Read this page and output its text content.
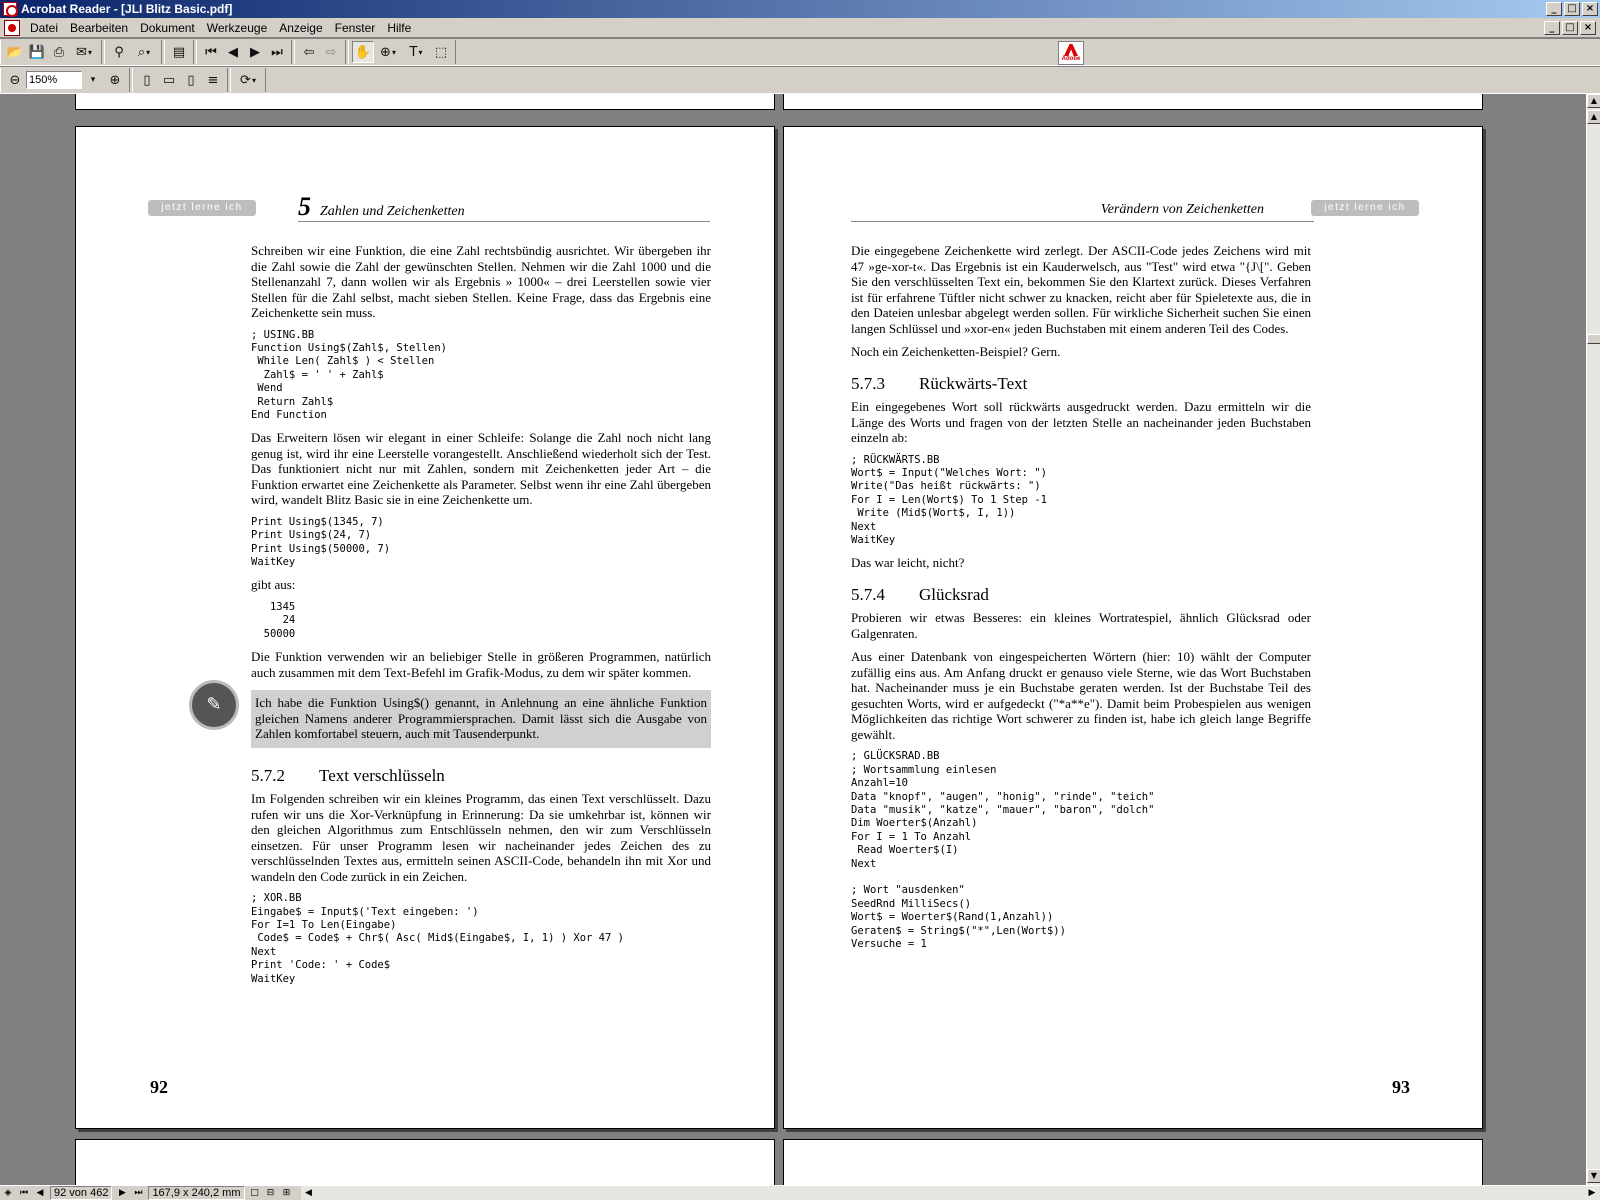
Acrobat Reader - [JLI Blitz Basic.pdf]	_	□ ×
Datei	Bearbeiten	Dokument	Werkzeuge	Anzeige	Fenster	Hilfe	_	□ ×
📂 💾 ⎙ ✉ ▾	⚲	⌕ ▾	▤	⏮ ◀ ▶ ⏭	⇦ ⇨	✋ ⊕ ▾	T ▾	⬚	Adobe
⊖ 150%	▾	⊕	▯ ▭ ▯ ≡	⟳ ▾
jetzt lerne ich	5 Zahlen und Zeichenketten

Schreiben wir eine Funktion, die eine Zahl rechtsbündig ausrichtet. Wir übergeben ihr die Zahl sowie die Zahl der gewünschten Stellen. Nehmen wir die Zahl 1000 und die Stellenanzahl 7, dann wollen wir als Ergebnis » 1000« – drei Leerstellen sowie vier Stellen für die Zahl selbst, macht sieben Stellen. Keine Frage, dass das Ergebnis eine Zeichenkette sein muss.

; USING.BB
Function Using$(Zahl$, Stellen)
While Len( Zahl$ ) < Stellen
Zahl$ = ' ' + Zahl$
Wend
Return Zahl$
End Function

Das Erweitern lösen wir elegant in einer Schleife: Solange die Zahl noch nicht lang genug ist, wird ihr eine Leerstelle vorangestellt. Anschließend wiederholt sich der Test. Das funktioniert nicht nur mit Zahlen, sondern mit Zeichenketten jeder Art – die Funktion erwartet eine Zeichenkette als Parameter. Selbst wenn ihr eine Zahl übergeben wird, wandelt Blitz Basic sie in eine Zeichenkette um.

Print Using$(1345, 7)
Print Using$(24, 7)
Print Using$(50000, 7)
WaitKey

gibt aus:

1345
24
50000

Die Funktion verwenden wir an beliebiger Stelle in größeren Programmen, natürlich auch zusammen mit dem Text-Befehl im Grafik-Modus, zu dem wir später kommen.

✎	Ich habe die Funktion Using$() genannt, in Anlehnung an eine ähnliche Funktion gleichen Namens anderer Programmiersprachen. Damit lässt sich die Ausgabe von Zahlen komfortabel steuern, auch mit Tausenderpunkt.
5.7.2	Text verschlüsseln

Im Folgenden schreiben wir ein kleines Programm, das einen Text verschlüsselt. Dazu rufen wir uns die Xor-Verknüpfung in Erinnerung: Da sie umkehrbar ist, können wir den gleichen Algorithmus zum Entschlüsseln nehmen, den wir zum Verschlüsseln einsetzen. Für unser Programm lesen wir nacheinander jedes Zeichen des zu verschlüsselnden Textes aus, ermitteln seinen ASCII-Code, behandeln ihn mit Xor und wandeln den Code zurück in ein Zeichen.

; XOR.BB
Eingabe$ = Input$('Text eingeben: ')
For I=1 To Len(Eingabe)
Code$ = Code$ + Chr$( Asc( Mid$(Eingabe$, I, 1) ) Xor 47 )
Next
Print 'Code: ' + Code$
WaitKey
92
Verändern von Zeichenketten	jetzt lerne ich

Die eingegebene Zeichenkette wird zerlegt. Der ASCII-Code jedes Zeichens wird mit 47 »ge-xor-t«. Das Ergebnis ist ein Kauderwelsch, aus "Test" wird etwa "{J\[". Geben Sie den verschlüsselten Text ein, bekommen Sie den Klartext zurück. Dieses Verfahren ist für erfahrene Tüftler nicht schwer zu knacken, reicht aber für Spieletexte aus, die in den Dateien unlesbar abgelegt werden sollen. Für wirkliche Sicherheit suchen Sie einen langen Schlüssel und »xor-en« jeden Buchstaben mit einem anderen Teil des Codes.

Noch ein Zeichenketten-Beispiel? Gern.

5.7.3	Rückwärts-Text

Ein eingegebenes Wort soll rückwärts ausgedruckt werden. Dazu ermitteln wir die Länge des Worts und fragen von der letzten Stelle an nacheinander jeden Buchstaben einzeln ab:

; RÜCKWÄRTS.BB
Wort$ = Input("Welches Wort: ")
Write("Das heißt rückwärts: ")
For I = Len(Wort$) To 1 Step -1
Write (Mid$(Wort$, I, 1))
Next
WaitKey

Das war leicht, nicht?

5.7.4	Glücksrad

Probieren wir etwas Besseres: ein kleines Wortratespiel, ähnlich Glücksrad oder Galgenraten.

Aus einer Datenbank von eingespeicherten Wörtern (hier: 10) wählt der Computer zufällig eins aus. Am Anfang druckt er genauso viele Sterne, wie das Wort Buchstaben hat. Nacheinander muss je ein Buchstabe geraten werden. Ist der Buchstabe Teil des gesuchten Worts, wird er aufgedeckt ("*a**e"). Damit beim Probespielen aus wenigen Möglichkeiten das richtige Wort schwerer zu finden ist, habe ich gleich lange Begriffe gewählt.

; GLÜCKSRAD.BB
; Wortsammlung einlesen
Anzahl=10
Data "knopf", "augen", "honig", "rinde", "teich"
Data "musik", "katze", "mauer", "baron", "dolch"
Dim Woerter$(Anzahl)
For I = 1 To Anzahl
Read Woerter$(I)
Next

; Wort "ausdenken"
SeedRnd MilliSecs()
Wort$ = Woerter$(Rand(1,Anzahl))
Geraten$ = String$("*",Len(Wort$))
Versuche = 1
93
▲
▲
▼
◈ ⏮ ◀ 92 von 462	▶ ⏭ 167,9 x 240,2 mm	□ ⊟ ⊞	◀	▶
